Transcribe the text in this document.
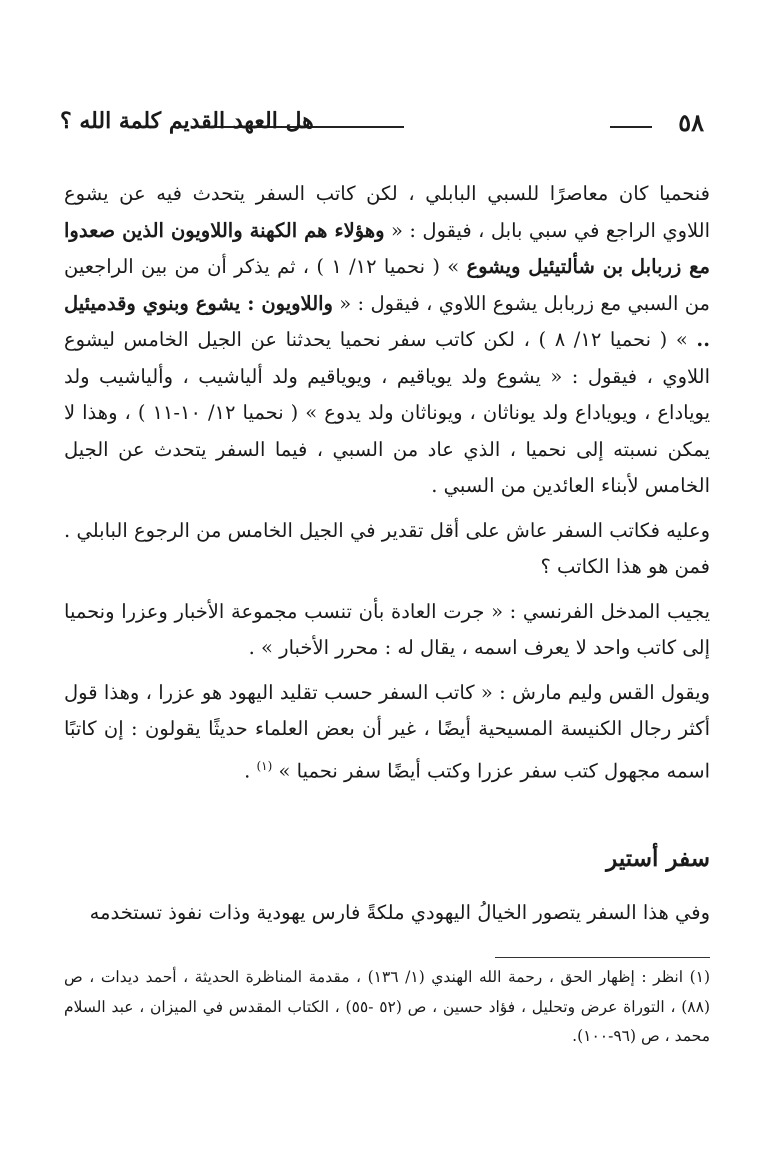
٥٨
هل العهد القديم كلمة الله ؟

فنحميا كان معاصرًا للسبي البابلي ، لكن كاتب السفر يتحدث فيه عن يشوع اللاوي الراجع في سبي بابل ، فيقول : « وهؤلاء هم الكهنة واللاويون الذين صعدوا مع زربابل بن شألتيئيل ويشوع » ( نحميا ١٢/ ١ ) ، ثم يذكر أن من بين الراجعين من السبي مع زربابل يشوع اللاوي ، فيقول : « واللاويون : يشوع وبنوي وقدميئيل .. » ( نحميا ١٢/ ٨ ) ، لكن كاتب سفر نحميا يحدثنا عن الجيل الخامس ليشوع اللاوي ، فيقول : « يشوع ولد يوياقيم ، ويوياقيم ولد ألياشيب ، وألياشيب ولد يوياداع ، ويوياداع ولد يوناثان ، ويوناثان ولد يدوع » ( نحميا ١٢/ ١٠-١١ ) ، وهذا لا يمكن نسبته إلى نحميا ، الذي عاد من السبي ، فيما السفر يتحدث عن الجيل الخامس لأبناء العائدين من السبي .

وعليه فكاتب السفر عاش على أقل تقدير في الجيل الخامس من الرجوع البابلي . فمن هو هذا الكاتب ؟

يجيب المدخل الفرنسي : « جرت العادة بأن تنسب مجموعة الأخبار وعزرا ونحميا إلى كاتب واحد لا يعرف اسمه ، يقال له : محرر الأخبار » .

ويقول القس وليم مارش : « كاتب السفر حسب تقليد اليهود هو عزرا ، وهذا قول أكثر رجال الكنيسة المسيحية أيضًا ، غير أن بعض العلماء حديثًا يقولون : إن كاتبًا اسمه مجهول كتب سفر عزرا وكتب أيضًا سفر نحميا » $^{(١)}$ .

سفر أستير
وفي هذا السفر يتصور الخيالُ اليهودي ملكةً فارس يهودية وذات نفوذ تستخدمه
(١) انظر : إظهار الحق ، رحمة الله الهندي (١/ ١٣٦) ، مقدمة المناظرة الحديثة ، أحمد ديدات ، ص (٨٨) ، التوراة عرض وتحليل ، فؤاد حسين ، ص (٥٢ -٥٥) ، الكتاب المقدس في الميزان ، عبد السلام محمد ، ص (٩٦-١٠٠).
